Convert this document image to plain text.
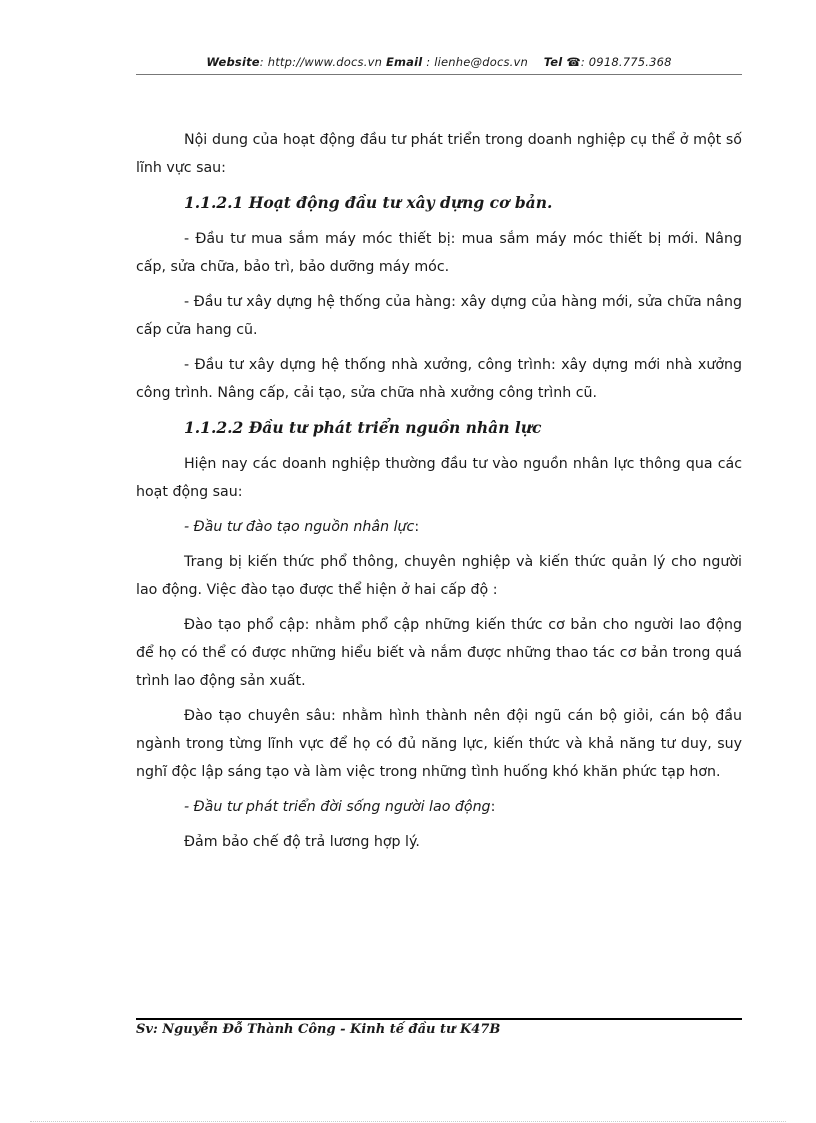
Website: http://www.docs.vn Email : lienhe@docs.vn Tel ☎: 0918.775.368

Nội dung của hoạt động đầu tư phát triển trong doanh nghiệp cụ thể ở một số lĩnh vực sau:

1.1.2.1 Hoạt động đầu tư xây dựng cơ bản.

- Đầu tư mua sắm máy móc thiết bị: mua sắm máy móc thiết bị mới. Nâng cấp, sửa chữa, bảo trì, bảo dưỡng máy móc.

- Đầu tư xây dựng hệ thống của hàng: xây dựng của hàng mới, sửa chữa nâng cấp cửa hang cũ.

- Đầu tư xây dựng hệ thống nhà xưởng, công trình: xây dựng mới nhà xưởng công trình. Nâng cấp, cải tạo, sửa chữa nhà xưởng công trình cũ.

1.1.2.2 Đầu tư phát triển nguồn nhân lực

Hiện nay các doanh nghiệp thường đầu tư vào nguồn nhân lực thông qua các hoạt động sau:

- Đầu tư đào tạo nguồn nhân lực:

Trang bị kiến thức phổ thông, chuyên nghiệp và kiến thức quản lý cho người lao động. Việc đào tạo được thể hiện ở hai cấp độ :

Đào tạo phổ cập: nhằm phổ cập những kiến thức cơ bản cho người lao động để họ có thể có được những hiểu biết và nắm được những thao tác cơ bản trong quá trình lao động sản xuất.

Đào tạo chuyên sâu: nhằm hình thành nên đội ngũ cán bộ giỏi, cán bộ đầu ngành trong từng lĩnh vực để họ có đủ năng lực, kiến thức và khả năng tư duy, suy nghĩ độc lập sáng tạo và làm việc trong những tình huống khó khăn phức tạp hơn.

- Đầu tư phát triển đời sống người lao động:

Đảm bảo chế độ trả lương hợp lý.

Sv: Nguyễn Đỗ Thành Công - Kinh tế đầu tư K47B
